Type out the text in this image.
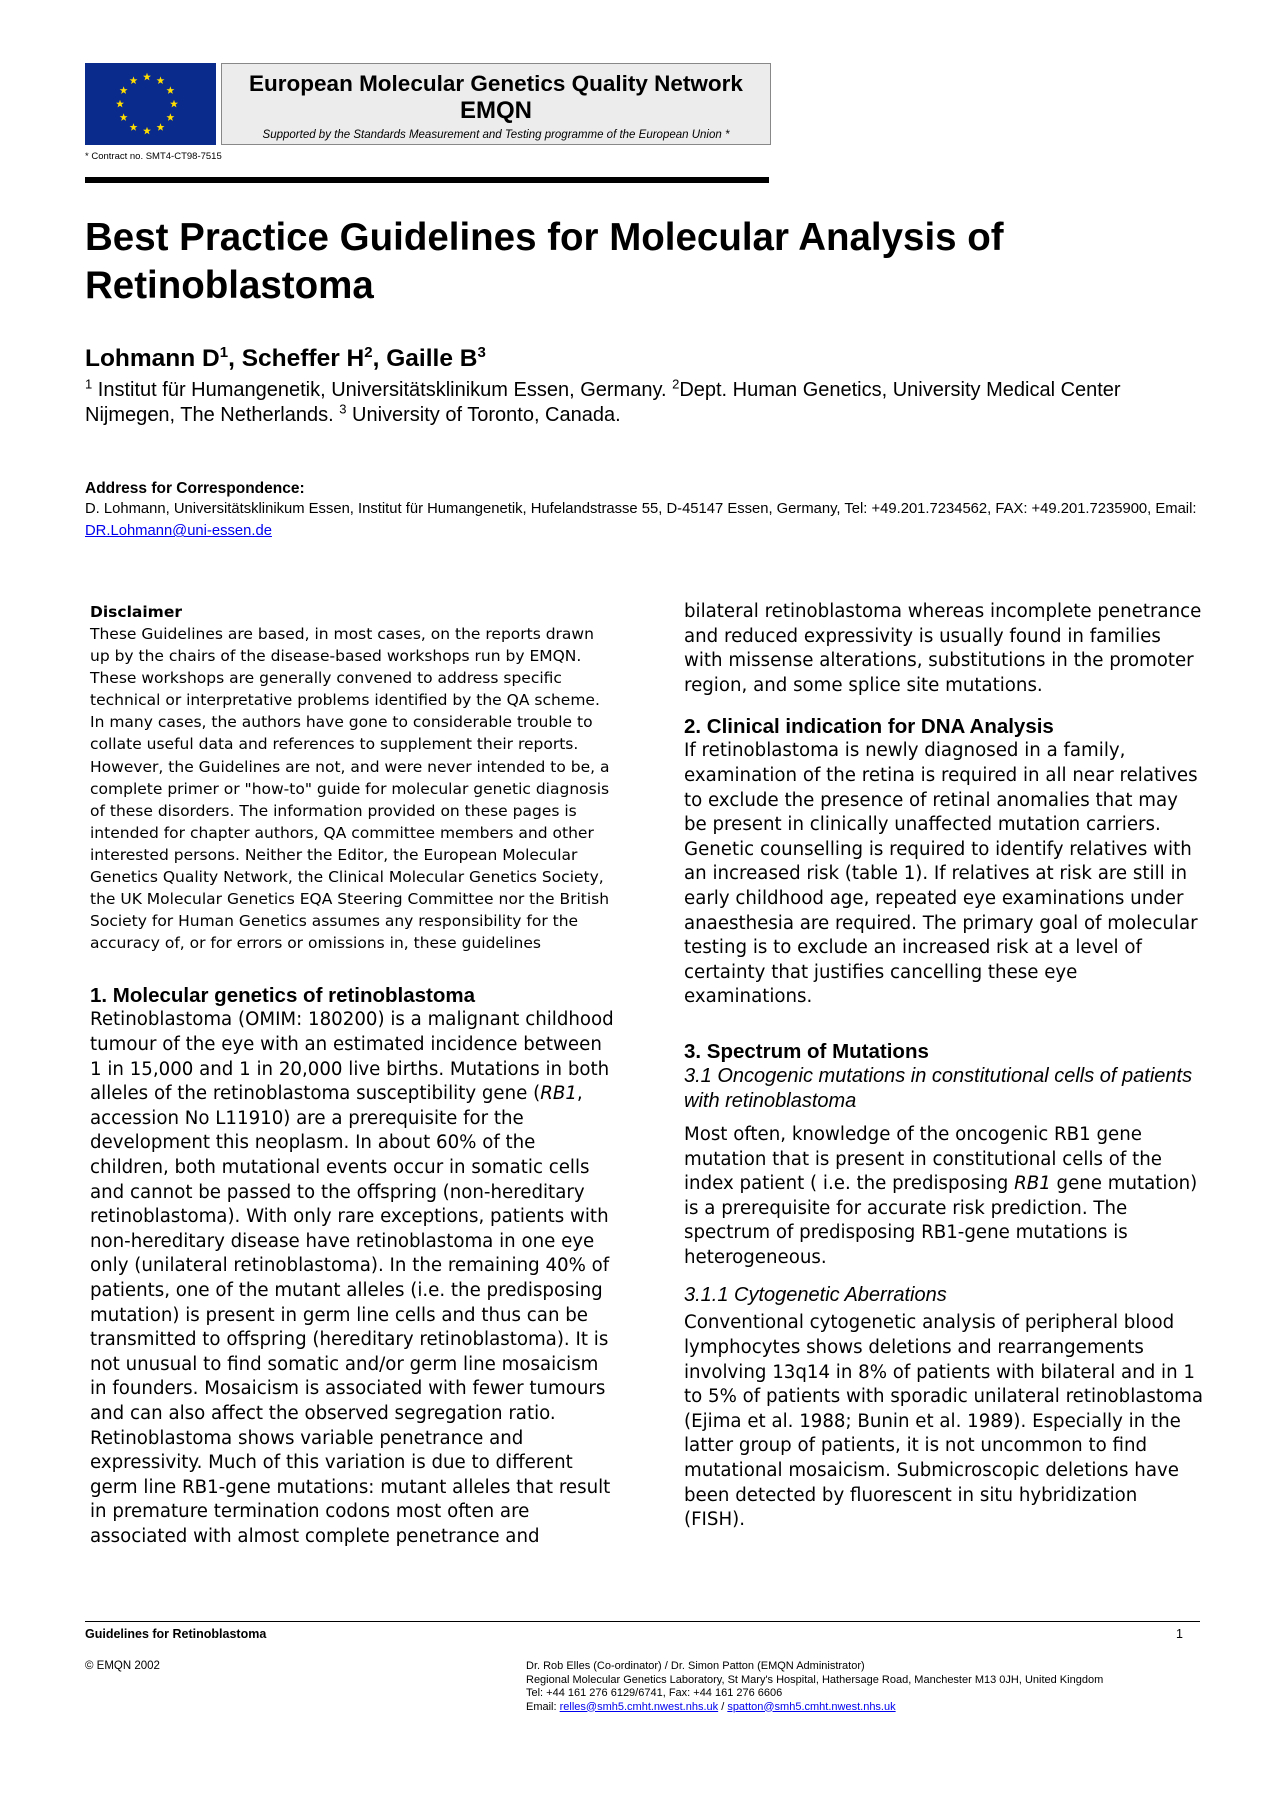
European Molecular Genetics Quality Network
EMQN
Supported by the Standards Measurement and Testing programme of the European Union *
* Contract no. SMT4-CT98-7515
Best Practice Guidelines for Molecular Analysis of Retinoblastoma
Lohmann $D^1$, Scheffer $H^2$, Gaille $B^3$
$^1$ Institut für Humangenetik, Universitätsklinikum Essen, Germany. $^2$Dept. Human Genetics, University Medical Center Nijmegen, The Netherlands. $^3$ University of Toronto, Canada.
Address for Correspondence:
D. Lohmann, Universitätsklinikum Essen, Institut für Humangenetik, Hufelandstrasse 55, D-45147 Essen, Germany, Tel: +49.201.7234562, FAX: +49.201.7235900, Email: DR.Lohmann@uni-essen.de
Disclaimer
These Guidelines are based, in most cases, on the reports drawn up by the chairs of the disease-based workshops run by EMQN. These workshops are generally convened to address specific technical or interpretative problems identified by the QA scheme. In many cases, the authors have gone to considerable trouble to collate useful data and references to supplement their reports. However, the Guidelines are not, and were never intended to be, a complete primer or "how-to" guide for molecular genetic diagnosis of these disorders. The information provided on these pages is intended for chapter authors, QA committee members and other interested persons. Neither the Editor, the European Molecular Genetics Quality Network, the Clinical Molecular Genetics Society, the UK Molecular Genetics EQA Steering Committee nor the British Society for Human Genetics assumes any responsibility for the accuracy of, or for errors or omissions in, these guidelines
1. Molecular genetics of retinoblastoma
Retinoblastoma (OMIM: 180200) is a malignant childhood tumour of the eye with an estimated incidence between 1 in 15,000 and 1 in 20,000 live births. Mutations in both alleles of the retinoblastoma susceptibility gene (RB1, accession No L11910) are a prerequisite for the development this neoplasm. In about 60% of the children, both mutational events occur in somatic cells and cannot be passed to the offspring (non-hereditary retinoblastoma). With only rare exceptions, patients with non-hereditary disease have retinoblastoma in one eye only (unilateral retinoblastoma). In the remaining 40% of patients, one of the mutant alleles (i.e. the predisposing mutation) is present in germ line cells and thus can be transmitted to offspring (hereditary retinoblastoma). It is not unusual to find somatic and/or germ line mosaicism in founders. Mosaicism is associated with fewer tumours and can also affect the observed segregation ratio. Retinoblastoma shows variable penetrance and expressivity. Much of this variation is due to different germ line RB1-gene mutations: mutant alleles that result in premature termination codons most often are associated with almost complete penetrance and
bilateral retinoblastoma whereas incomplete penetrance and reduced expressivity is usually found in families with missense alterations, substitutions in the promoter region, and some splice site mutations.
2. Clinical indication for DNA Analysis
If retinoblastoma is newly diagnosed in a family, examination of the retina is required in all near relatives to exclude the presence of retinal anomalies that may be present in clinically unaffected mutation carriers. Genetic counselling is required to identify relatives with an increased risk (table 1). If relatives at risk are still in early childhood age, repeated eye examinations under anaesthesia are required. The primary goal of molecular testing is to exclude an increased risk at a level of certainty that justifies cancelling these eye examinations.
3. Spectrum of Mutations
3.1 Oncogenic mutations in constitutional cells of patients with retinoblastoma
Most often, knowledge of the oncogenic RB1 gene mutation that is present in constitutional cells of the index patient ( i.e. the predisposing RB1 gene mutation) is a prerequisite for accurate risk prediction. The spectrum of predisposing RB1-gene mutations is heterogeneous.
3.1.1 Cytogenetic Aberrations
Conventional cytogenetic analysis of peripheral blood lymphocytes shows deletions and rearrangements involving 13q14 in 8% of patients with bilateral and in 1 to 5% of patients with sporadic unilateral retinoblastoma (Ejima et al. 1988; Bunin et al. 1989). Especially in the latter group of patients, it is not uncommon to find mutational mosaicism. Submicroscopic deletions have been detected by fluorescent in situ hybridization (FISH).
Guidelines for Retinoblastoma	1
© EMQN 2002	Dr. Rob Elles (Co-ordinator) / Dr. Simon Patton (EMQN Administrator)
Regional Molecular Genetics Laboratory, St Mary's Hospital, Hathersage Road, Manchester M13 0JH, United Kingdom
Tel: +44 161 276 6129/6741, Fax: +44 161 276 6606
Email: relles@smh5.cmht.nwest.nhs.uk / spatton@smh5.cmht.nwest.nhs.uk
